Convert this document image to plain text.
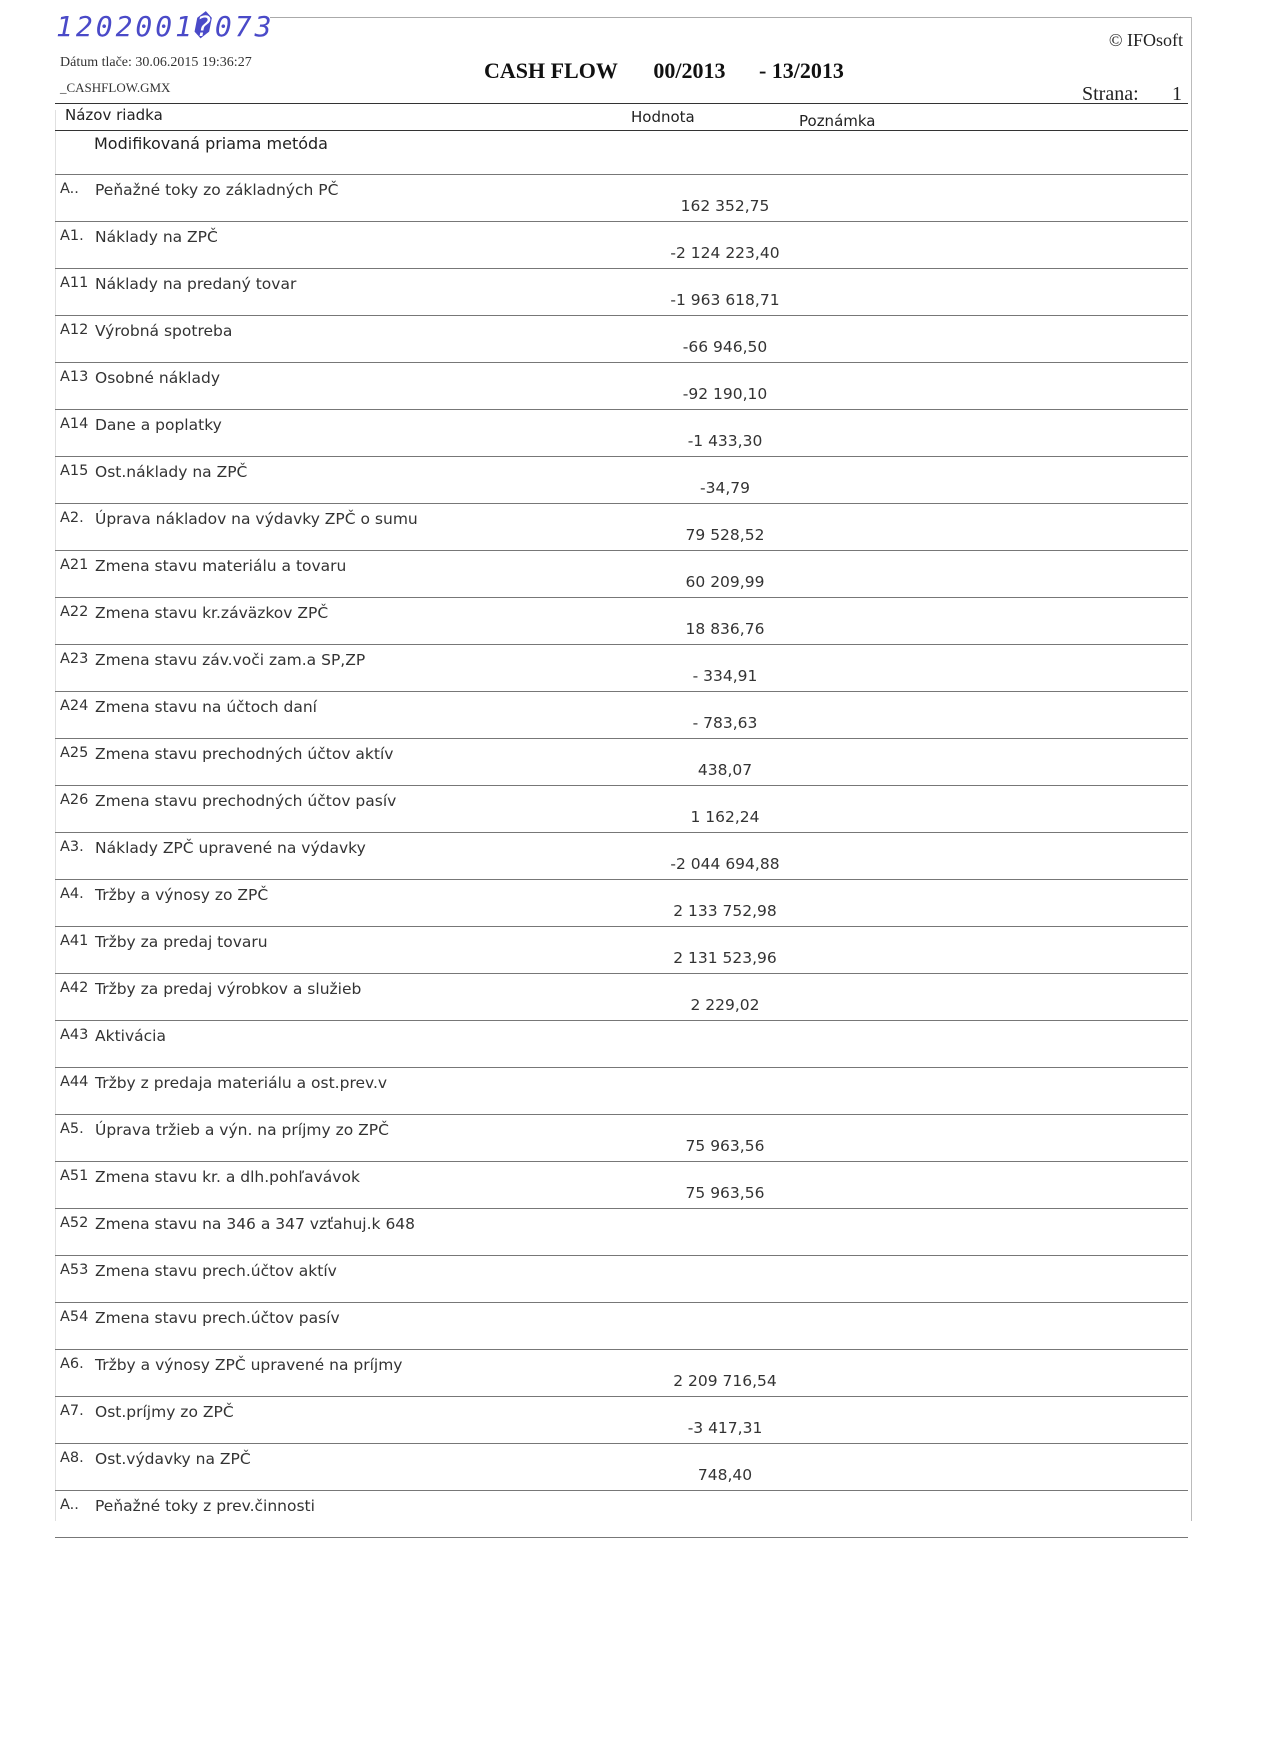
1202001�073
Dátum tlače: 30.06.2015 19:36:27
_CASHFLOW.GMX
CASH FLOW 00/2013 - 13/2013
© IFOsoft
Strana: 1
Názov riadka	Hodnota	Poznámka
Modifikovaná priama metóda
A.. Peňažné toky zo základných PČ
162 352,75
A1. Náklady na ZPČ
-2 124 223,40
A11 Náklady na predaný tovar
-1 963 618,71
A12 Výrobná spotreba
-66 946,50
A13 Osobné náklady
-92 190,10
A14 Dane a poplatky
-1 433,30
A15 Ost.náklady na ZPČ
-34,79
A2. Úprava nákladov na výdavky ZPČ o sumu
79 528,52
A21 Zmena stavu materiálu a tovaru
60 209,99
A22 Zmena stavu kr.záväzkov ZPČ
18 836,76
A23 Zmena stavu záv.voči zam.a SP,ZP
- 334,91
A24 Zmena stavu na účtoch daní
- 783,63
A25 Zmena stavu prechodných účtov aktív
438,07
A26 Zmena stavu prechodných účtov pasív
1 162,24
A3. Náklady ZPČ upravené na výdavky
-2 044 694,88
A4. Tržby a výnosy zo ZPČ
2 133 752,98
A41 Tržby za predaj tovaru
2 131 523,96
A42 Tržby za predaj výrobkov a služieb
2 229,02
A43 Aktivácia
A44 Tržby z predaja materiálu a ost.prev.v
A5. Úprava tržieb a výn. na príjmy zo ZPČ
75 963,56
A51 Zmena stavu kr. a dlh.pohľavávok
75 963,56
A52 Zmena stavu na 346 a 347 vzťahuj.k 648
A53 Zmena stavu prech.účtov aktív
A54 Zmena stavu prech.účtov pasív
A6. Tržby a výnosy ZPČ upravené na príjmy
2 209 716,54
A7. Ost.príjmy zo ZPČ
-3 417,31
A8. Ost.výdavky na ZPČ
748,40
A.. Peňažné toky z prev.činnosti
